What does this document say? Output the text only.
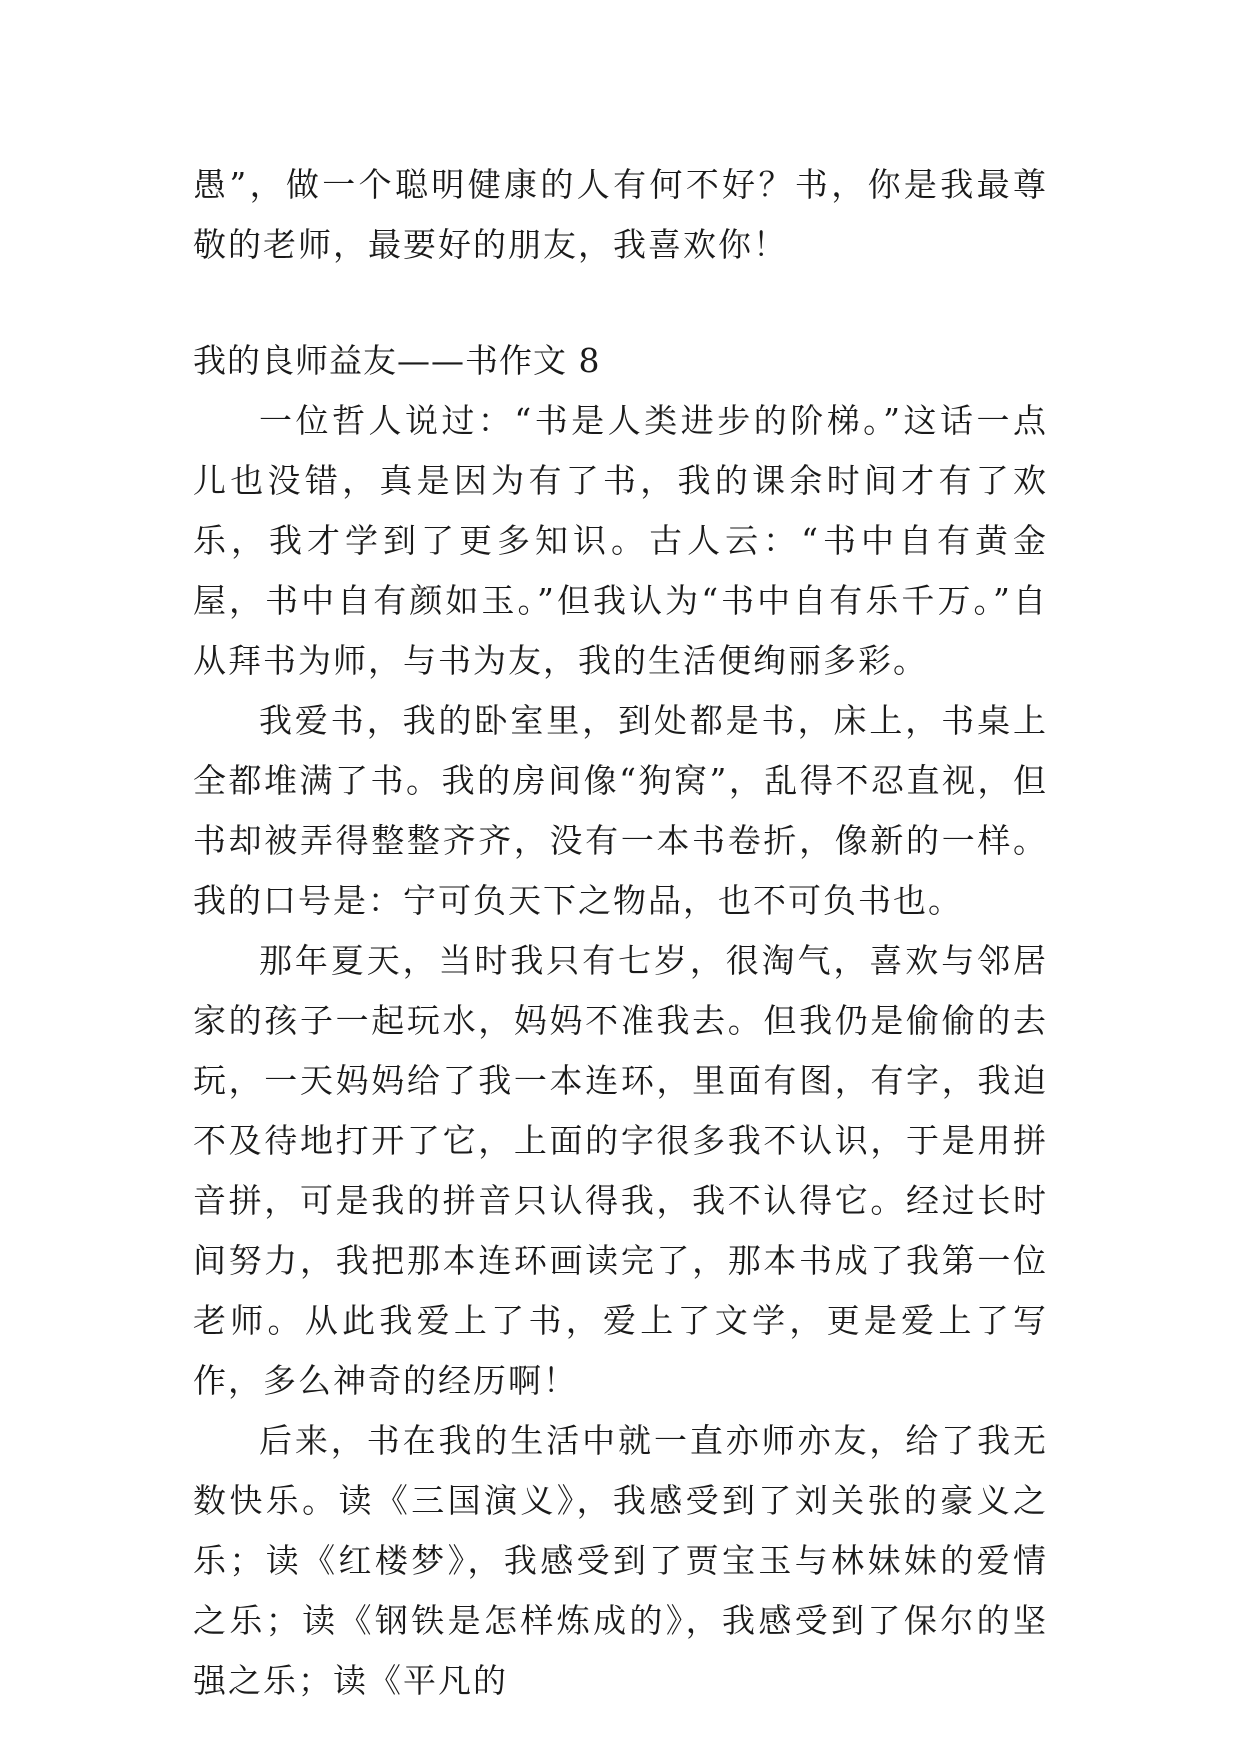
愚”，做一个聪明健康的人有何不好？书，你是我最尊敬的老师，最要好的朋友，我喜欢你！

我的良师益友——书作文 8

一位哲人说过：“书是人类进步的阶梯。”这话一点儿也没错，真是因为有了书，我的课余时间才有了欢乐，我才学到了更多知识。古人云：“书中自有黄金屋，书中自有颜如玉。”但我认为“书中自有乐千万。”自从拜书为师，与书为友，我的生活便绚丽多彩。

我爱书，我的卧室里，到处都是书，床上，书桌上全都堆满了书。我的房间像“狗窝”，乱得不忍直视，但书却被弄得整整齐齐，没有一本书卷折，像新的一样。我的口号是：宁可负天下之物品，也不可负书也。

那年夏天，当时我只有七岁，很淘气，喜欢与邻居家的孩子一起玩水，妈妈不准我去。但我仍是偷偷的去玩，一天妈妈给了我一本连环，里面有图，有字，我迫不及待地打开了它，上面的字很多我不认识，于是用拼音拼，可是我的拼音只认得我，我不认得它。经过长时间努力，我把那本连环画读完了，那本书成了我第一位老师。从此我爱上了书，爱上了文学，更是爱上了写作，多么神奇的经历啊！

后来，书在我的生活中就一直亦师亦友，给了我无数快乐。读《三国演义》，我感受到了刘关张的豪义之乐；读《红楼梦》，我感受到了贾宝玉与林妹妹的爱情之乐；读《钢铁是怎样炼成的》，我感受到了保尔的坚强之乐；读《平凡的
